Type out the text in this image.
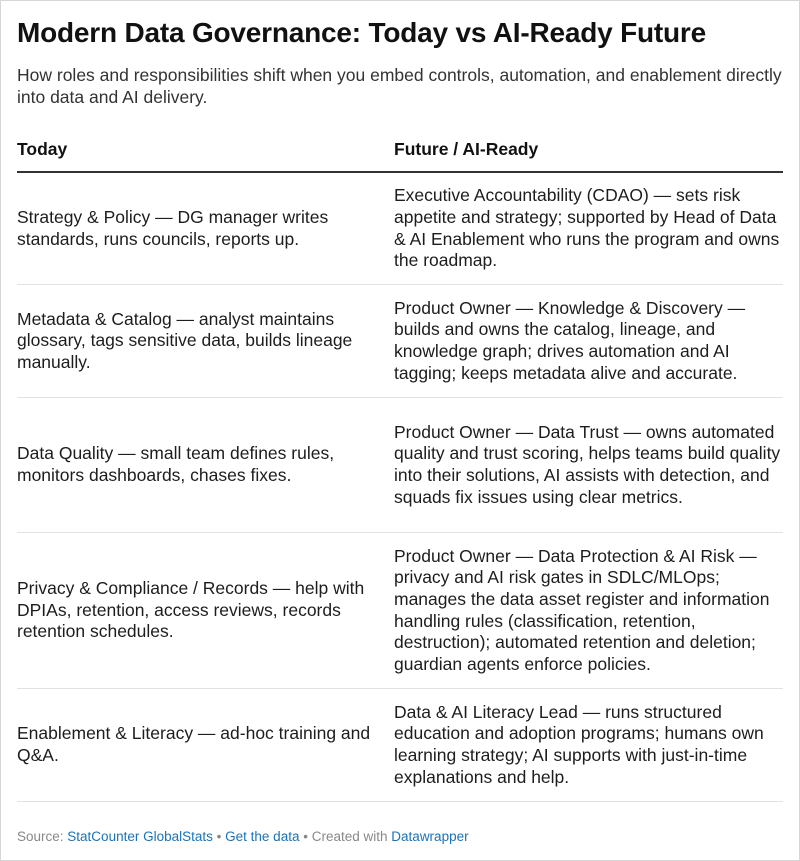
Modern Data Governance: Today vs AI-Ready Future

How roles and responsibilities shift when you embed controls, automation, and enablement directly into data and AI delivery.

Today	Future / AI-Ready
Strategy & Policy — DG manager writes standards, runs councils, reports up.	Executive Accountability (CDAO) — sets risk appetite and strategy; supported by Head of Data & AI Enablement who runs the program and owns the roadmap.
Metadata & Catalog — analyst maintains glossary, tags sensitive data, builds lineage manually.	Product Owner — Knowledge & Discovery — builds and owns the catalog, lineage, and knowledge graph; drives automation and AI tagging; keeps metadata alive and accurate.
Data Quality — small team defines rules, monitors dashboards, chases fixes.	Product Owner — Data Trust — owns automated quality and trust scoring, helps teams build quality into their solutions, AI assists with detection, and squads fix issues using clear metrics.
Privacy & Compliance / Records — help with DPIAs, retention, access reviews, records retention schedules.	Product Owner — Data Protection & AI Risk — privacy and AI risk gates in SDLC/MLOps; manages the data asset register and information handling rules (classification, retention, destruction); automated retention and deletion; guardian agents enforce policies.
Enablement & Literacy — ad-hoc training and Q&A.	Data & AI Literacy Lead — runs structured education and adoption programs; humans own learning strategy; AI supports with just-in-time explanations and help.
Source: StatCounter GlobalStats • Get the data • Created with Datawrapper
